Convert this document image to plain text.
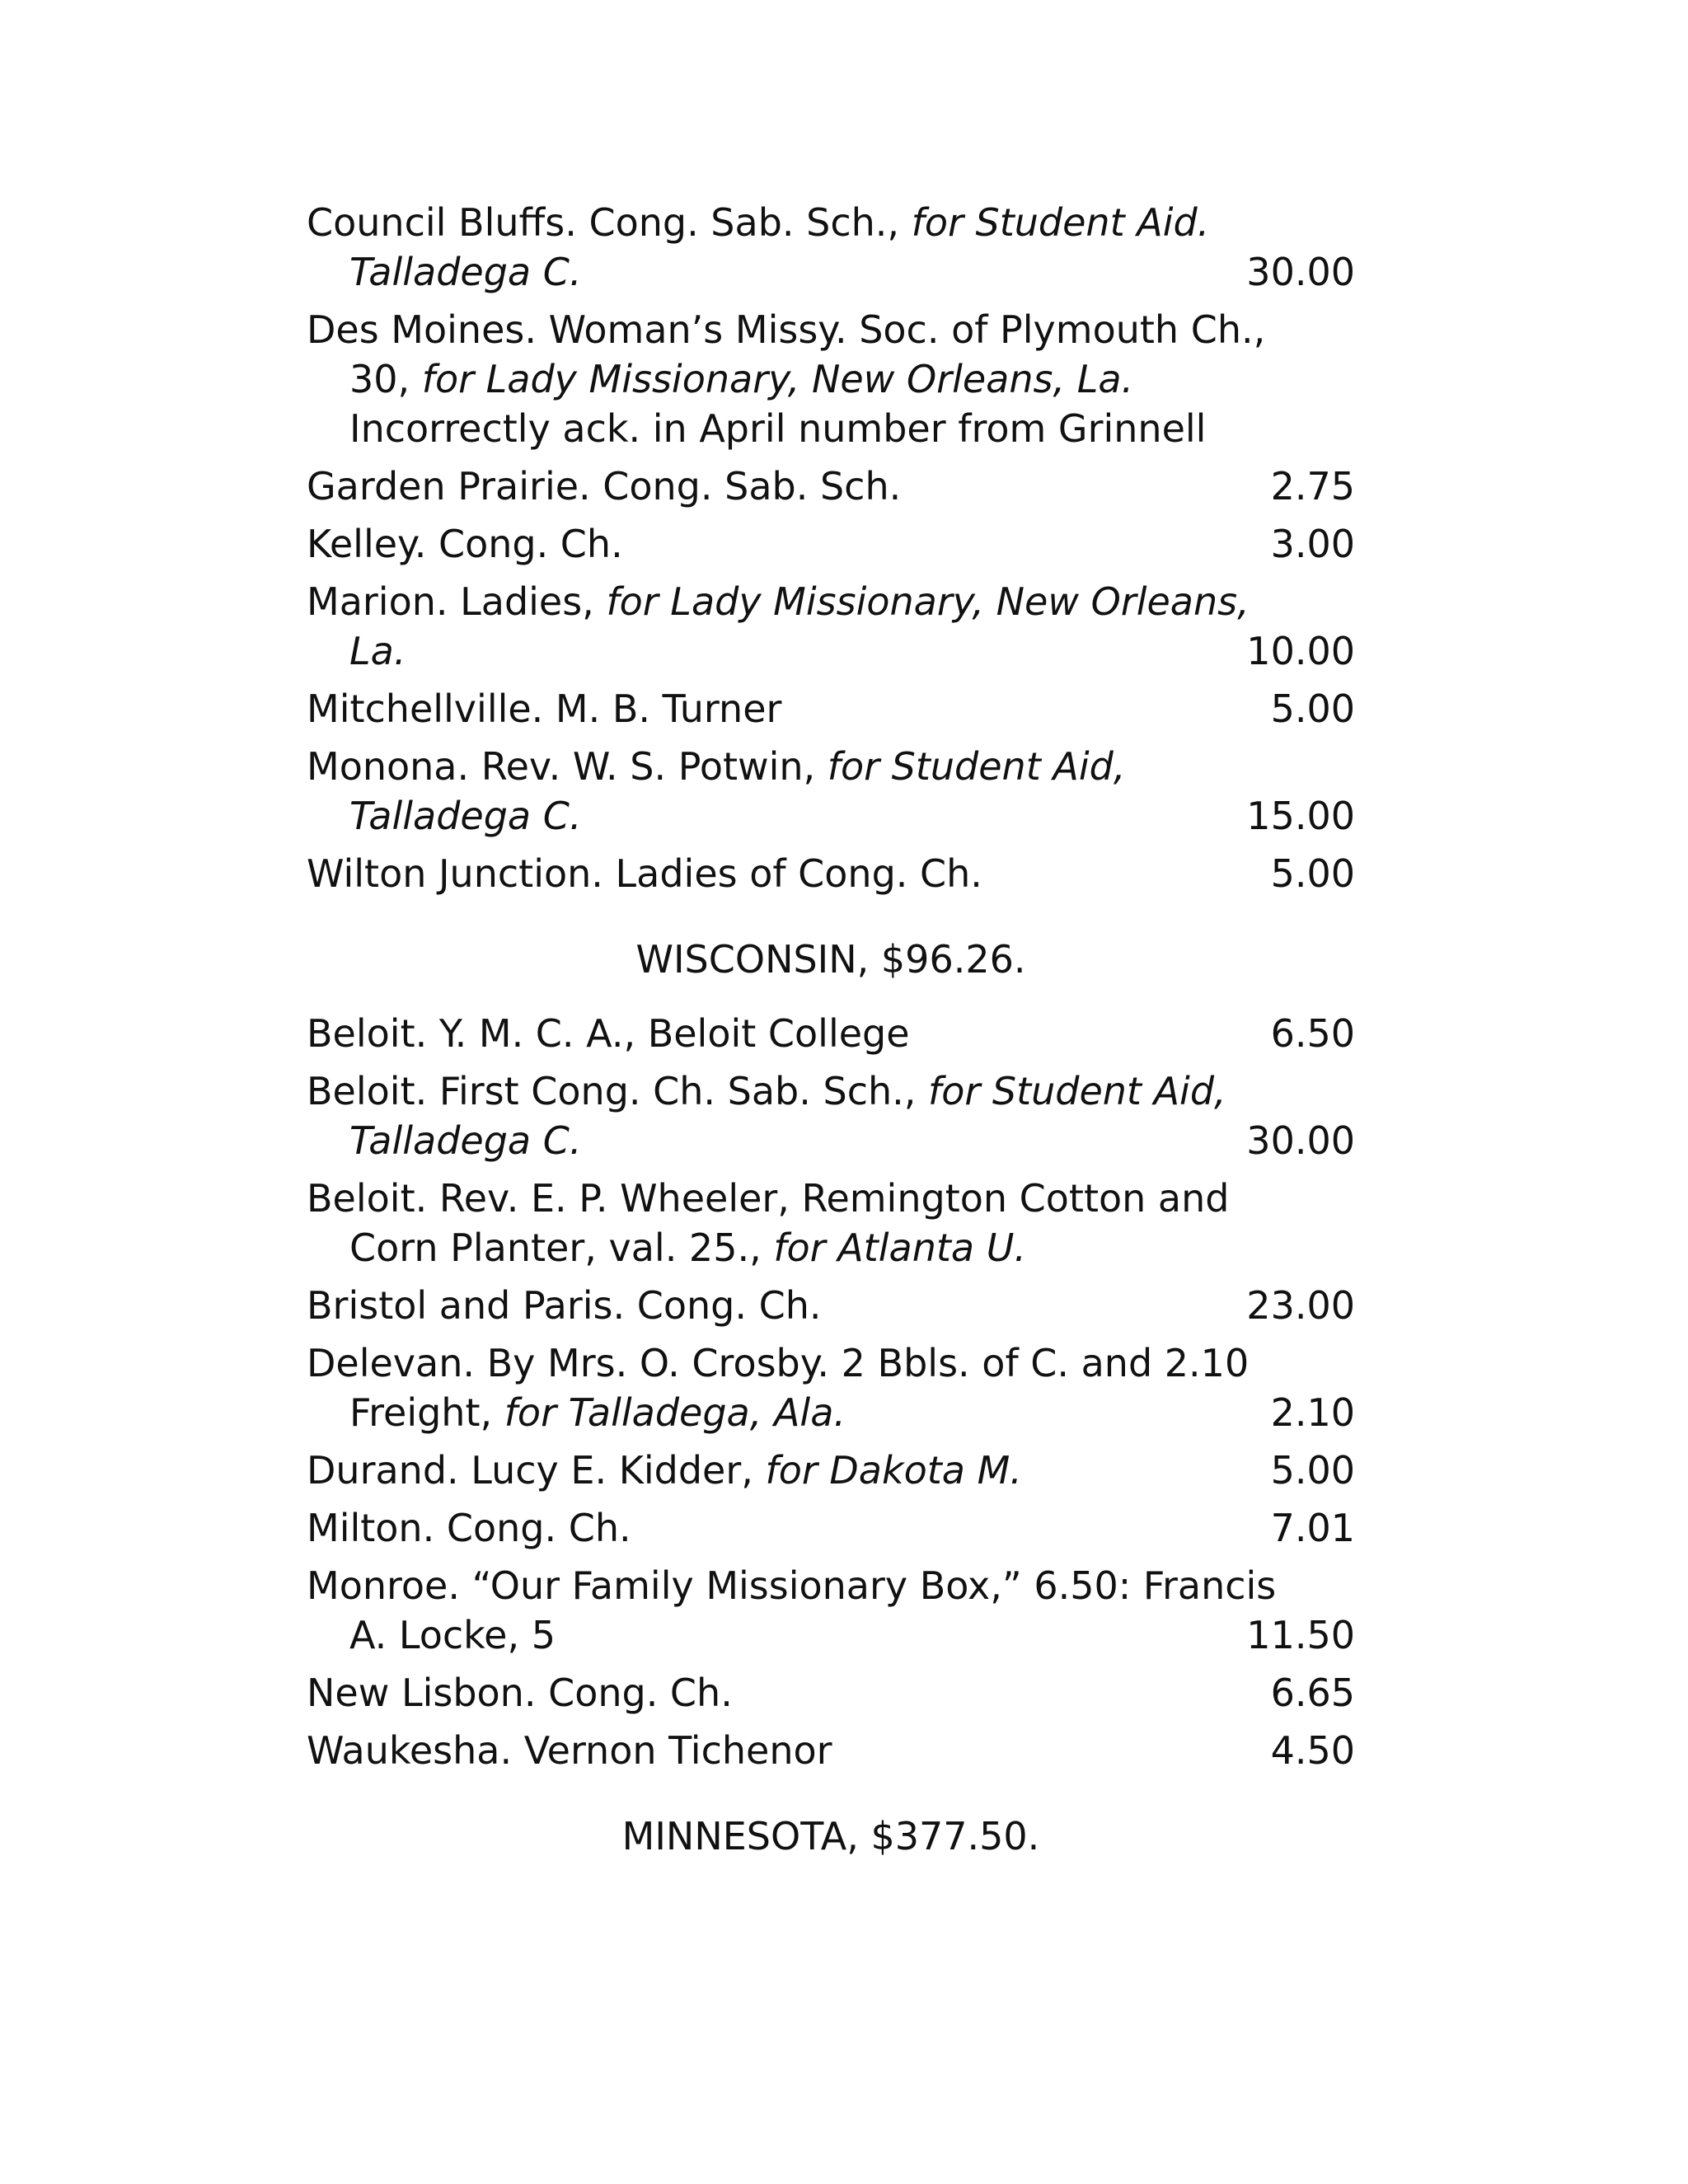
Council Bluffs. Cong. Sab. Sch., for Student Aid.
Talladega C.	30.00
Des Moines. Woman’s Missy. Soc. of Plymouth Ch.,
30, for Lady Missionary, New Orleans, La.
Incorrectly ack. in April number from Grinnell
Garden Prairie. Cong. Sab. Sch.	2.75
Kelley. Cong. Ch.	3.00
Marion. Ladies, for Lady Missionary, New Orleans,
La.	10.00
Mitchellville. M. B. Turner	5.00
Monona. Rev. W. S. Potwin, for Student Aid,
Talladega C.	15.00
Wilton Junction. Ladies of Cong. Ch.	5.00
WISCONSIN, $96.26.
Beloit. Y. M. C. A., Beloit College	6.50
Beloit. First Cong. Ch. Sab. Sch., for Student Aid,
Talladega C.	30.00
Beloit. Rev. E. P. Wheeler, Remington Cotton and
Corn Planter, val. 25., for Atlanta U.
Bristol and Paris. Cong. Ch.	23.00
Delevan. By Mrs. O. Crosby. 2 Bbls. of C. and 2.10
Freight, for Talladega, Ala.	2.10
Durand. Lucy E. Kidder, for Dakota M.	5.00
Milton. Cong. Ch.	7.01
Monroe. “Our Family Missionary Box,” 6.50: Francis
A. Locke, 5	11.50
New Lisbon. Cong. Ch.	6.65
Waukesha. Vernon Tichenor	4.50
MINNESOTA, $377.50.
